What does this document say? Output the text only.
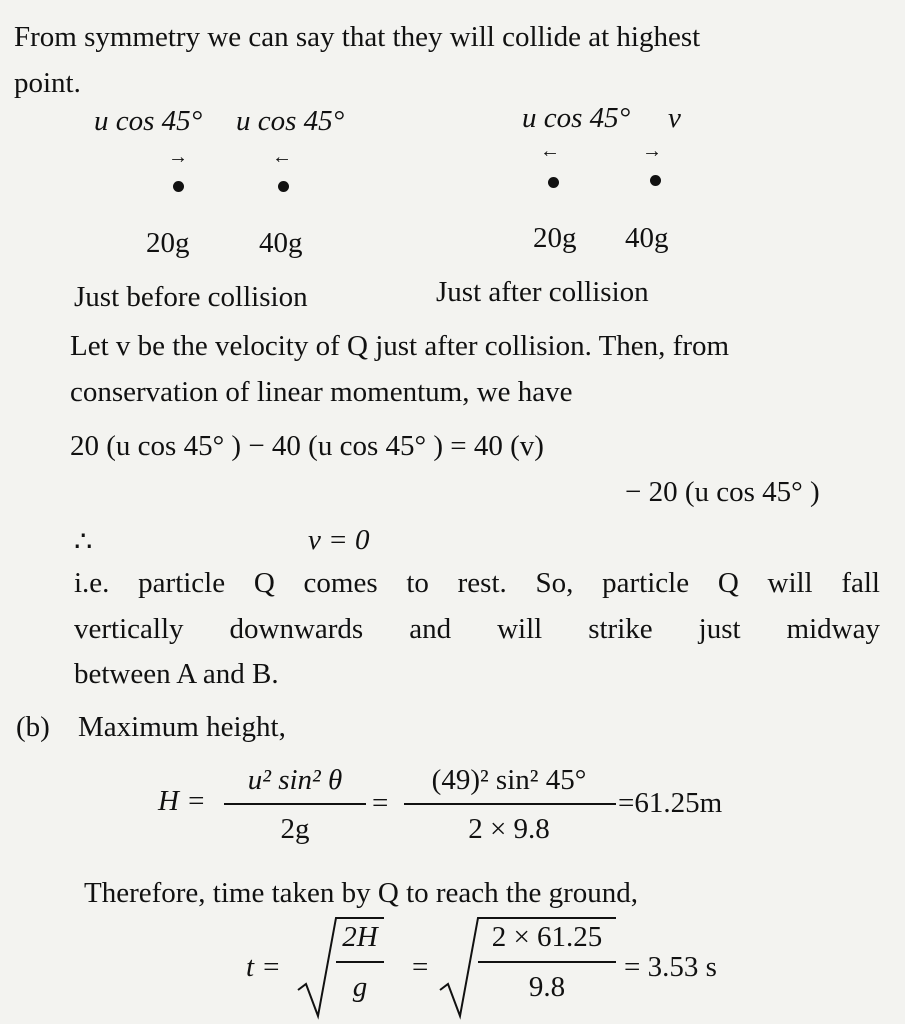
From symmetry we can say that they will collide at highest
point.
u cos 45° u cos 45°
→	←
20g 40g
Just before collision
u cos 45° v
←	→
20g 40g
Just after collision
Let v be the velocity of Q just after collision. Then, from
conservation of linear momentum, we have
20 (u cos 45° ) − 40 (u cos 45° ) = 40 (v)
− 20 (u cos 45° )
∴	v = 0
i.e. particle Q comes to rest. So, particle Q will fall
vertically downwards and will strike just midway
between A and B.
(b) Maximum height,
H =
u² sin² θ
2g
=
(49)² sin² 45°
2 × 9.8
=61.25m
Therefore, time taken by Q to reach the ground,
t =
2H
g
=
2 × 61.25
9.8
= 3.53 s
